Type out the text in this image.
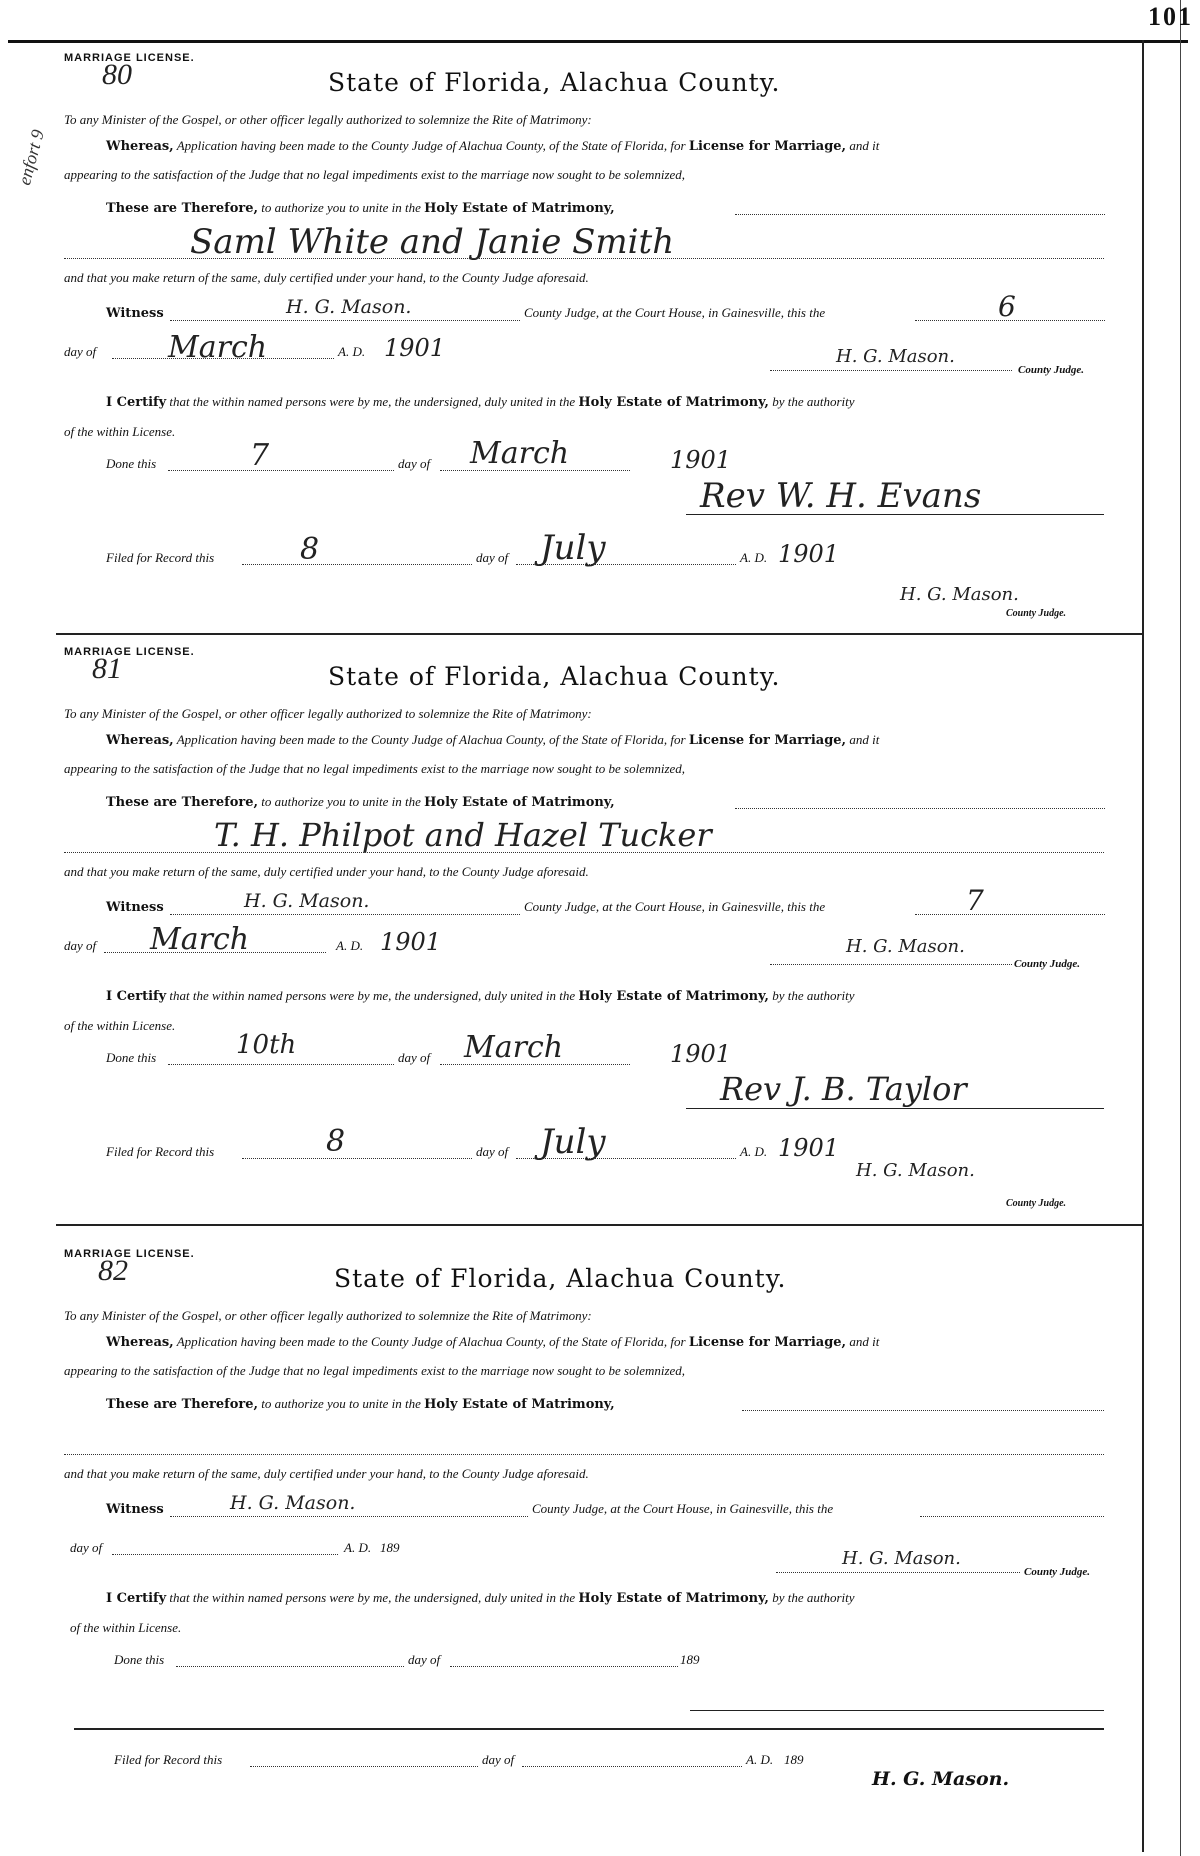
101
enfort 9
MARRIAGE LICENSE.
80	State of Florida, Alachua County.
To any Minister of the Gospel, or other officer legally authorized to solemnize the Rite of Matrimony:
Whereas, Application having been made to the County Judge of Alachua County, of the State of Florida, for License for Marriage, and it
appearing to the satisfaction of the Judge that no legal impediments exist to the marriage now sought to be solemnized,
These are Therefore, to authorize you to unite in the Holy Estate of Matrimony,
Saml White and Janie Smith
and that you make return of the same, duly certified under your hand, to the County Judge aforesaid.
Witness	H. G. Mason.	County Judge, at the Court House, in Gainesville, this the	6
day of March	A. D. 1901	H. G. Mason.
County Judge.
I Certify that the within named persons were by me, the undersigned, duly united in the Holy Estate of Matrimony, by the authority
of the within License.
Done this	7	day of March	1901
Rev W. H. Evans
Filed for Record this	8	day of July	A. D. 1901
H. G. Mason.
County Judge.
MARRIAGE LICENSE.
81	State of Florida, Alachua County.
To any Minister of the Gospel, or other officer legally authorized to solemnize the Rite of Matrimony:
Whereas, Application having been made to the County Judge of Alachua County, of the State of Florida, for License for Marriage, and it
appearing to the satisfaction of the Judge that no legal impediments exist to the marriage now sought to be solemnized,
These are Therefore, to authorize you to unite in the Holy Estate of Matrimony,
T. H. Philpot and Hazel Tucker
and that you make return of the same, duly certified under your hand, to the County Judge aforesaid.
Witness	H. G. Mason.	County Judge, at the Court House, in Gainesville, this the	7
day of March	A. D. 1901	H. G. Mason.
County Judge.
I Certify that the within named persons were by me, the undersigned, duly united in the Holy Estate of Matrimony, by the authority
of the within License.
Done this	10th	day of March	1901
Rev J. B. Taylor
Filed for Record this	8	day of July	A. D. 1901
H. G. Mason.
County Judge.
MARRIAGE LICENSE.
82	State of Florida, Alachua County.
To any Minister of the Gospel, or other officer legally authorized to solemnize the Rite of Matrimony:
Whereas, Application having been made to the County Judge of Alachua County, of the State of Florida, for License for Marriage, and it
appearing to the satisfaction of the Judge that no legal impediments exist to the marriage now sought to be solemnized,
These are Therefore, to authorize you to unite in the Holy Estate of Matrimony,
and that you make return of the same, duly certified under your hand, to the County Judge aforesaid.
Witness	H. G. Mason.	County Judge, at the Court House, in Gainesville, this the
day of	A. D. 189
H. G. Mason.
County Judge.
I Certify that the within named persons were by me, the undersigned, duly united in the Holy Estate of Matrimony, by the authority
of the within License.
Done this	day of	189
Filed for Record this	day of	A. D. 189
H. G. Mason.
